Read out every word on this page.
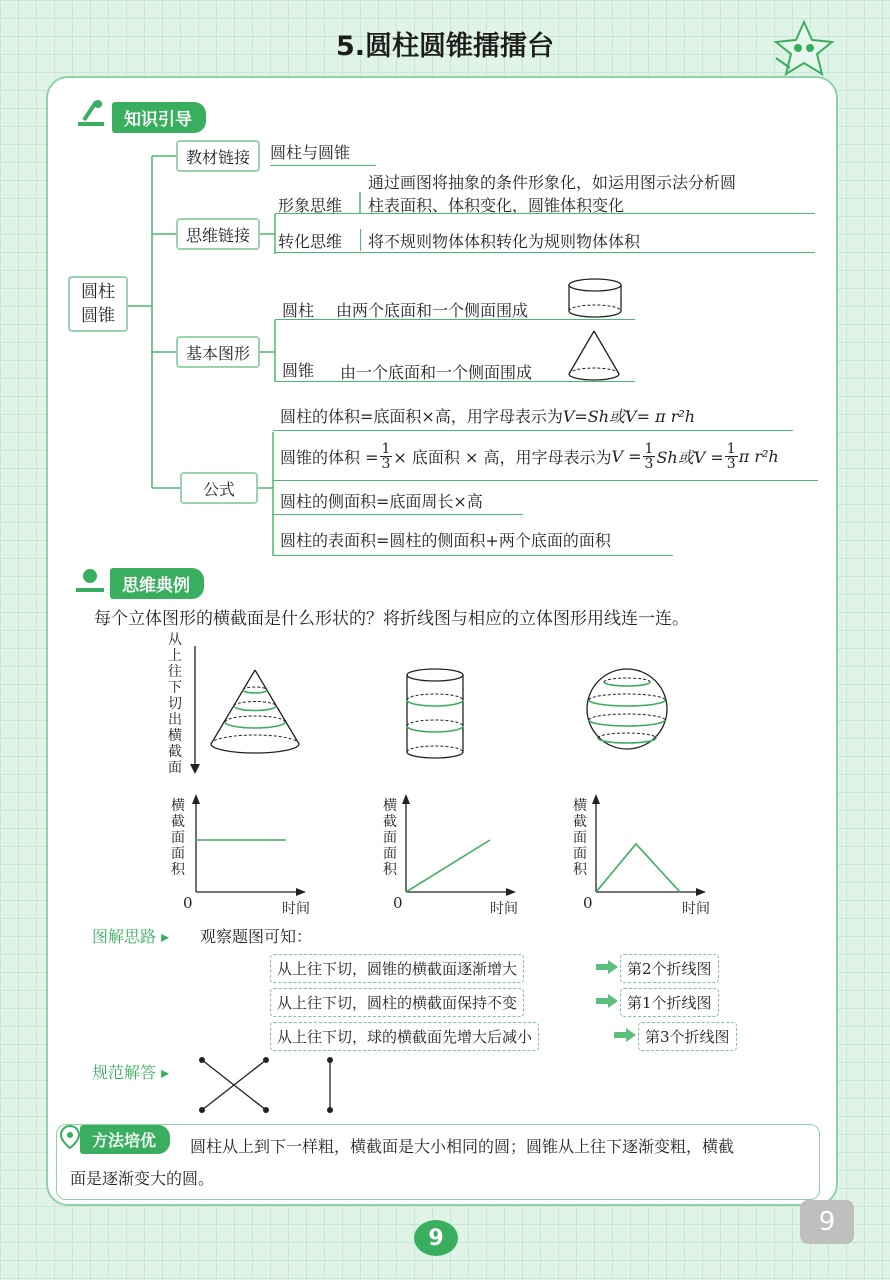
5.圆柱圆锥擂擂台
知识引导
圆柱
圆锥
教材链接
思维链接
基本图形
公式
圆柱与圆锥
通过画图将抽象的条件形象化，如运用图示法分析圆
形象思维 柱表面积、体积变化，圆锥体积变化
转化思维 将不规则物体体积转化为规则物体体积
圆柱 由两个底面和一个侧面围成
圆锥 由一个底面和一个侧面围成
圆柱的体积=底面积×高，用字母表示为V=Sh或V= π r²h
圆锥的体积 = $\frac{1}{3}$ × 底面积 × 高，用字母表示为 $V = \frac{1}{3}$ Sh或$V = \frac{1}{3}$ π r²h
圆柱的侧面积=底面周长×高
圆柱的表面积=圆柱的侧面积+两个底面的面积
思维典例
每个立体图形的横截面是什么形状的？将折线图与相应的立体图形用线连一连。
从上往下切出横截面
横截面面积
0	时间
横截面面积
0	时间
横截面面积
0	时间
图解思路 ▸ 观察题图可知：
从上往下切，圆锥的横截面逐渐增大	第2个折线图
从上往下切，圆柱的横截面保持不变	第1个折线图
从上往下切，球的横截面先增大后减小	第3个折线图
规范解答 ▸
方法培优	圆柱从上到下一样粗，横截面是大小相同的圆；圆锥从上往下逐渐变粗，横截
面是逐渐变大的圆。
9
9
